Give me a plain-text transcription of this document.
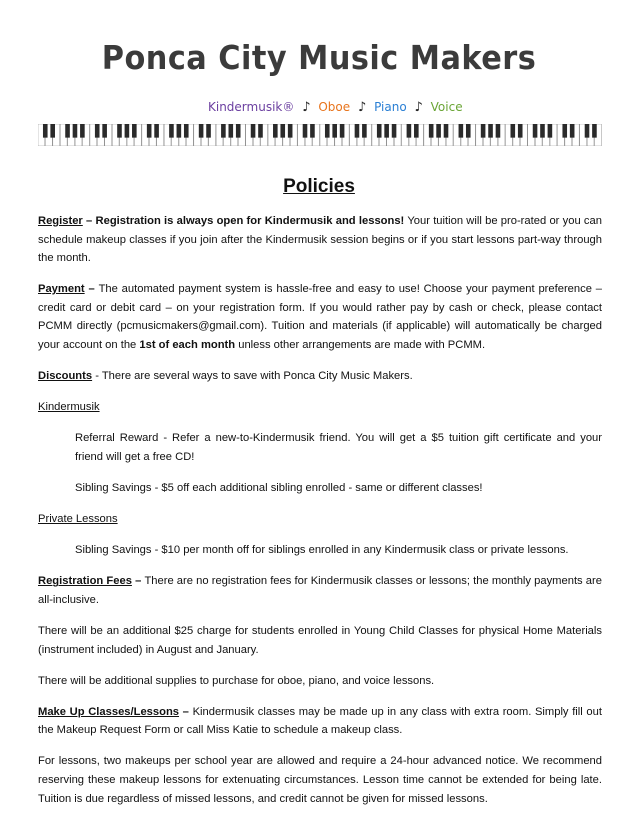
Ponca City Music Makers
Kindermusik® ♪ Oboe ♪ Piano ♪ Voice
Policies

Register – Registration is always open for Kindermusik and lessons! Your tuition will be pro-rated or you can schedule makeup classes if you join after the Kindermusik session begins or if you start lessons part-way through the month.

Payment – The automated payment system is hassle-free and easy to use! Choose your payment preference – credit card or debit card – on your registration form. If you would rather pay by cash or check, please contact PCMM directly (pcmusicmakers@gmail.com). Tuition and materials (if applicable) will automatically be charged your account on the 1st of each month unless other arrangements are made with PCMM.

Discounts - There are several ways to save with Ponca City Music Makers.

Kindermusik

Referral Reward - Refer a new-to-Kindermusik friend. You will get a $5 tuition gift certificate and your friend will get a free CD!

Sibling Savings - $5 off each additional sibling enrolled - same or different classes!

Private Lessons

Sibling Savings - $10 per month off for siblings enrolled in any Kindermusik class or private lessons.

Registration Fees – There are no registration fees for Kindermusik classes or lessons; the monthly payments are all-inclusive.

There will be an additional $25 charge for students enrolled in Young Child Classes for physical Home Materials (instrument included) in August and January.

There will be additional supplies to purchase for oboe, piano, and voice lessons.

Make Up Classes/Lessons – Kindermusik classes may be made up in any class with extra room. Simply fill out the Makeup Request Form or call Miss Katie to schedule a makeup class.

For lessons, two makeups per school year are allowed and require a 24-hour advanced notice. We recommend reserving these makeup lessons for extenuating circumstances. Lesson time cannot be extended for being late. Tuition is due regardless of missed lessons, and credit cannot be given for missed lessons.
